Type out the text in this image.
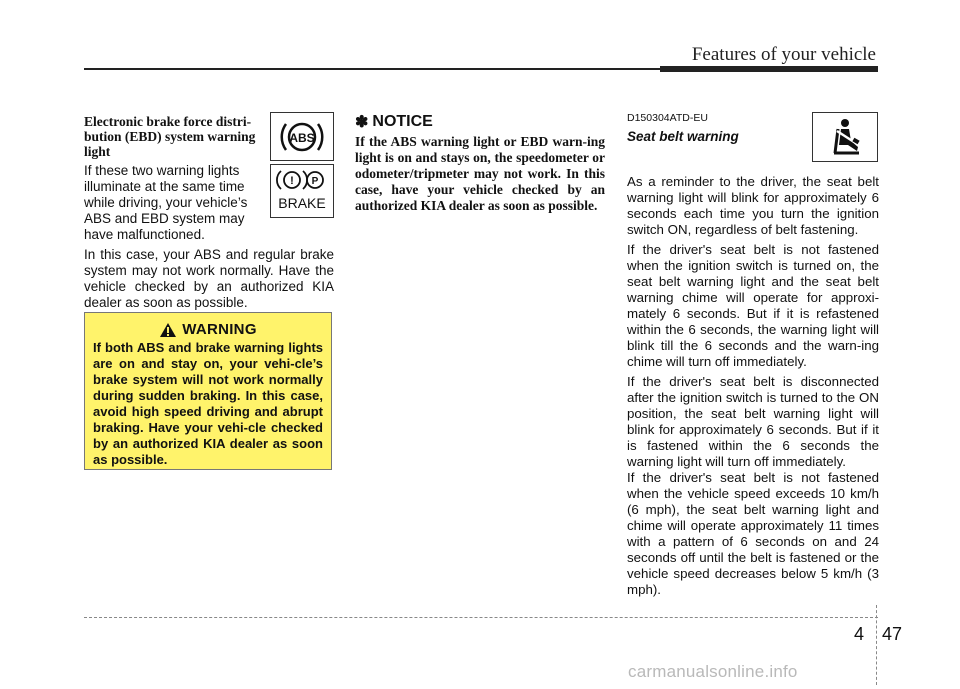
Features of your vehicle

Electronic brake force distri-bution (EBD) system warning light

If these two warning lights illuminate at the same time while driving, your vehicle’s ABS and EBD system may have malfunctioned.

In this case, your ABS and regular brake system may not work normally. Have the vehicle checked by an authorized KIA dealer as soon as possible.

ABS
! P
BRAKE
WARNING

If both ABS and brake warning lights are on and stay on, your vehi-cle’s brake system will not work normally during sudden braking. In this case, avoid high speed driving and abrupt braking. Have your vehi-cle checked by an authorized KIA dealer as soon as possible.

✽ NOTICE

If the ABS warning light or EBD warn-ing light is on and stays on, the speedometer or odometer/tripmeter may not work. In this case, have your vehicle checked by an authorized KIA dealer as soon as possible.

D150304ATD-EU

Seat belt warning

As a reminder to the driver, the seat belt warning light will blink for approximately 6 seconds each time you turn the ignition switch ON, regardless of belt fastening.

If the driver's seat belt is not fastened when the ignition switch is turned on, the seat belt warning light and the seat belt warning chime will operate for approxi-mately 6 seconds. But if it is refastened within the 6 seconds, the warning light will blink till the 6 seconds and the warn-ing chime will turn off immediately.

If the driver's seat belt is disconnected after the ignition switch is turned to the ON position, the seat belt warning light will blink for approximately 6 seconds. But if it is fastened within the 6 seconds the warning light will turn off immediately.

If the driver's seat belt is not fastened when the vehicle speed exceeds 10 km/h (6 mph), the seat belt warning light and chime will operate approximately 11 times with a pattern of 6 seconds on and 24 seconds off until the belt is fastened or the vehicle speed decreases below 5 km/h (3 mph).

4 47
carmanualsonline.info
